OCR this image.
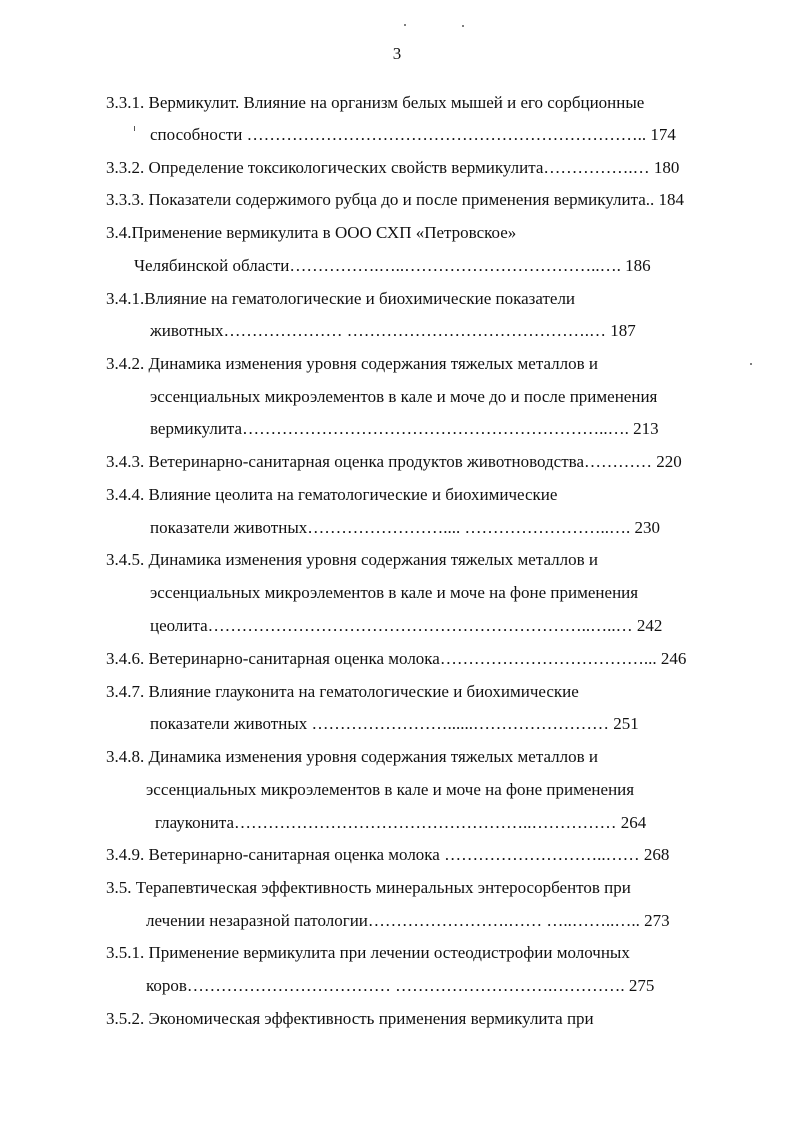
3
3.3.1. Вермикулит. Влияние на организм белых мышей и его сорбционные
способности …………………………………………………………….. 174
3.3.2. Определение токсикологических свойств вермикулита…………….… 180
3.3.3. Показатели содержимого рубца до и после применения вермикулита.. 184
3.4.Применение вермикулита в ООО СХП «Петровское»
Челябинской области…………….…..……………………………..…. 186
3.4.1.Влияние на гематологические и биохимические показатели
животных………………… …………………………………….… 187
3.4.2. Динамика изменения уровня содержания тяжелых металлов и
эссенциальных микроэлементов в кале и моче до и после применения
вермикулита………………………………………………………..…. 213
3.4.3. Ветеринарно-санитарная оценка продуктов животноводства………… 220
3.4.4. Влияние цеолита на гематологические и биохимические
показатели животных…………………….... ……………………..…. 230
3.4.5. Динамика изменения уровня содержания тяжелых металлов и
эссенциальных микроэлементов в кале и моче на фоне применения
цеолита…………………………………………………………..…..… 242
3.4.6. Ветеринарно-санитарная оценка молока………………………………... 246
3.4.7. Влияние глауконита на гематологические и биохимические
показатели животных ……………………......…………………… 251
3.4.8. Динамика изменения уровня содержания тяжелых металлов и
эссенциальных микроэлементов в кале и моче на фоне применения
глауконита……………………………………………..…………… 264
3.4.9. Ветеринарно-санитарная оценка молока ………………………..…… 268
3.5. Терапевтическая эффективность минеральных энтеросорбентов при
лечении незаразной патологии…………………….…… …..……..….. 273
3.5.1. Применение вермикулита при лечении остеодистрофии молочных
коров……………………………… ……………………….…………. 275
3.5.2. Экономическая эффективность применения вермикулита при
